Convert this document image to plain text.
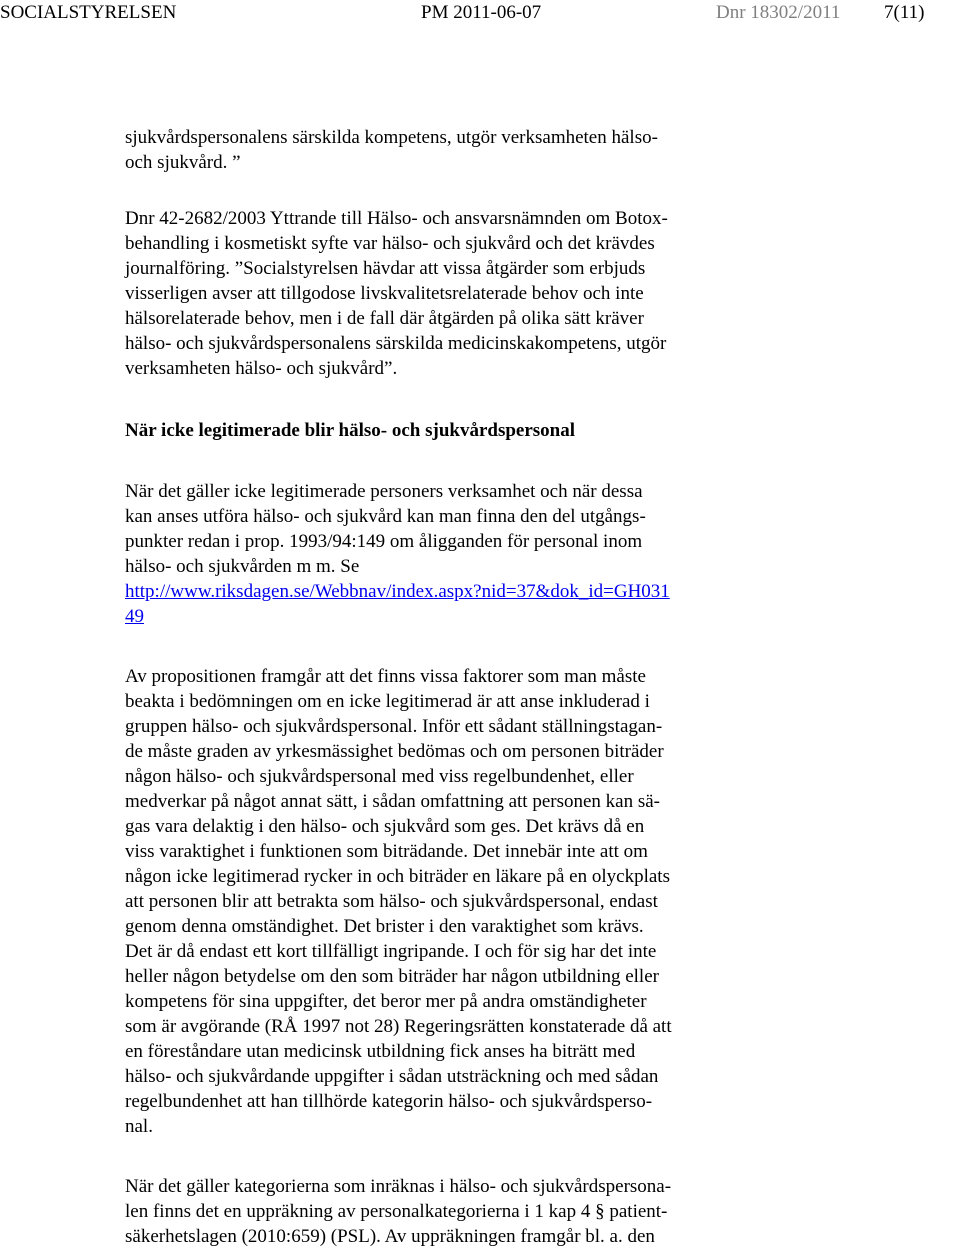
SOCIALSTYRELSEN	PM 2011-06-07	Dnr 18302/2011 7(11)
sjukvårdspersonalens särskilda kompetens, utgör verksamheten hälso-
och sjukvård. ”
Dnr 42-2682/2003 Yttrande till Hälso- och ansvarsnämnden om Botox-
behandling i kosmetiskt syfte var hälso- och sjukvård och det krävdes
journalföring. ”Socialstyrelsen hävdar att vissa åtgärder som erbjuds
visserligen avser att tillgodose livskvalitetsrelaterade behov och inte
hälsorelaterade behov, men i de fall där åtgärden på olika sätt kräver
hälso- och sjukvårdspersonalens särskilda medicinskakompetens, utgör
verksamheten hälso- och sjukvård”.
När icke legitimerade blir hälso- och sjukvårdspersonal
När det gäller icke legitimerade personers verksamhet och när dessa
kan anses utföra hälso- och sjukvård kan man finna den del utgångs-
punkter redan i prop. 1993/94:149 om åligganden för personal inom
hälso- och sjukvården m m. Se
http://www.riksdagen.se/Webbnav/index.aspx?nid=37&dok_id=GH031
49
Av propositionen framgår att det finns vissa faktorer som man måste
beakta i bedömningen om en icke legitimerad är att anse inkluderad i
gruppen hälso- och sjukvårdspersonal. Inför ett sådant ställningstagan-
de måste graden av yrkesmässighet bedömas och om personen biträder
någon hälso- och sjukvårdspersonal med viss regelbundenhet, eller
medverkar på något annat sätt, i sådan omfattning att personen kan sä-
gas vara delaktig i den hälso- och sjukvård som ges. Det krävs då en
viss varaktighet i funktionen som biträdande. Det innebär inte att om
någon icke legitimerad rycker in och biträder en läkare på en olyckplats
att personen blir att betrakta som hälso- och sjukvårdspersonal, endast
genom denna omständighet. Det brister i den varaktighet som krävs.
Det är då endast ett kort tillfälligt ingripande. I och för sig har det inte
heller någon betydelse om den som biträder har någon utbildning eller
kompetens för sina uppgifter, det beror mer på andra omständigheter
som är avgörande (RÅ 1997 not 28) Regeringsrätten konstaterade då att
en föreståndare utan medicinsk utbildning fick anses ha biträtt med
hälso- och sjukvårdande uppgifter i sådan utsträckning och med sådan
regelbundenhet att han tillhörde kategorin hälso- och sjukvårdsperso-
nal.
När det gäller kategorierna som inräknas i hälso- och sjukvårdspersona-
len finns det en uppräkning av personalkategorierna i 1 kap 4 § patient-
säkerhetslagen (2010:659) (PSL). Av uppräkningen framgår bl. a. den
